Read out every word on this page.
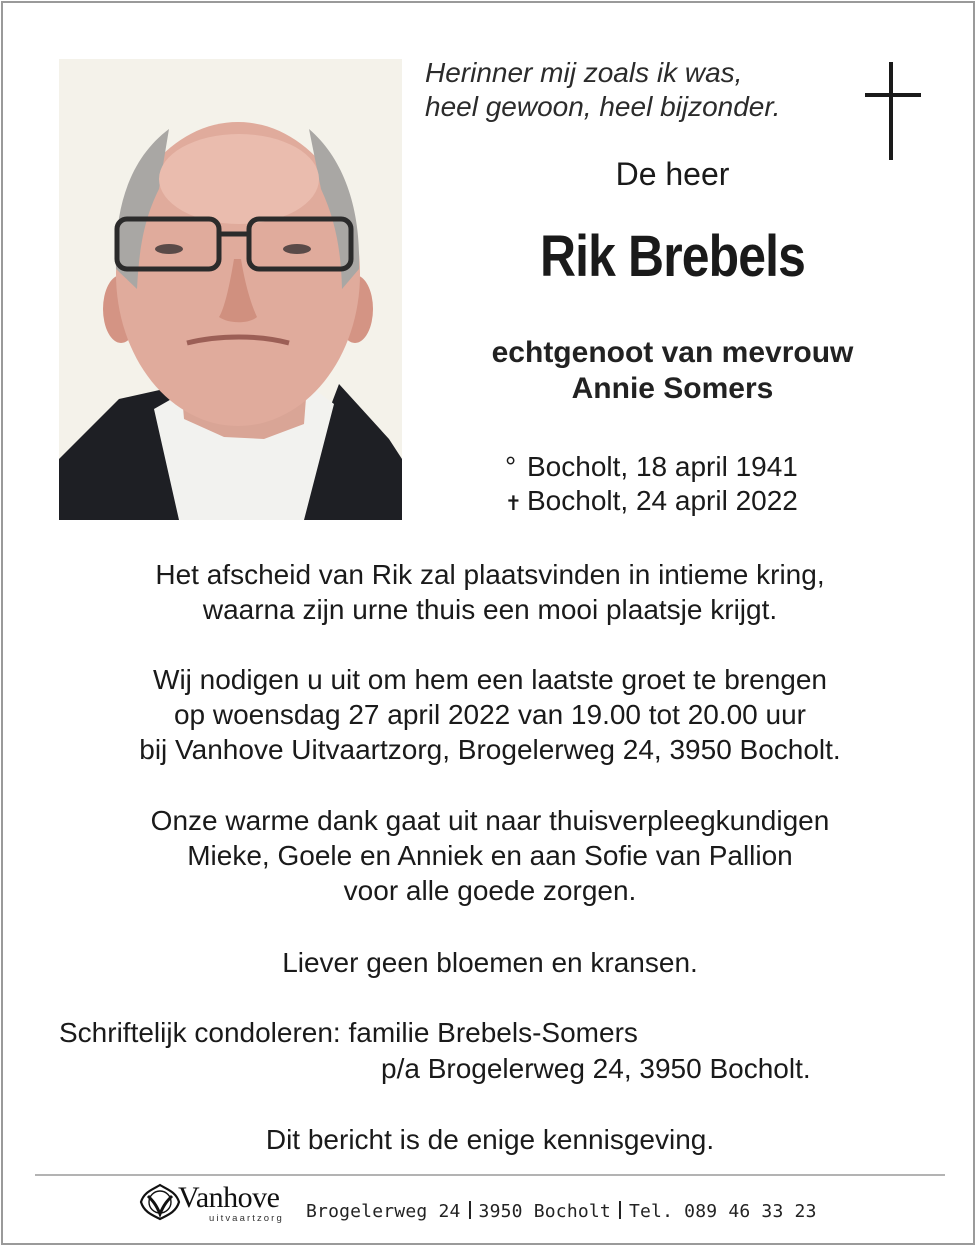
Herinner mij zoals ik was,
heel gewoon, heel bijzonder.
De heer
Rik Brebels
echtgenoot van mevrouw
Annie Somers
° Bocholt, 18 april 1941
✝ Bocholt, 24 april 2022
Het afscheid van Rik zal plaatsvinden in intieme kring,
waarna zijn urne thuis een mooi plaatsje krijgt.
Wij nodigen u uit om hem een laatste groet te brengen
op woensdag 27 april 2022 van 19.00 tot 20.00 uur
bij Vanhove Uitvaartzorg, Brogelerweg 24, 3950 Bocholt.
Onze warme dank gaat uit naar thuisverpleegkundigen
Mieke, Goele en Anniek en aan Sofie van Pallion
voor alle goede zorgen.
Liever geen bloemen en kransen.
Schriftelijk condoleren: familie Brebels-Somers
p/a Brogelerweg 24, 3950 Bocholt.
Dit bericht is de enige kennisgeving.
Vanhove
uitvaartzorg Brogelerweg 24 3950 Bocholt Tel. 089 46 33 23
